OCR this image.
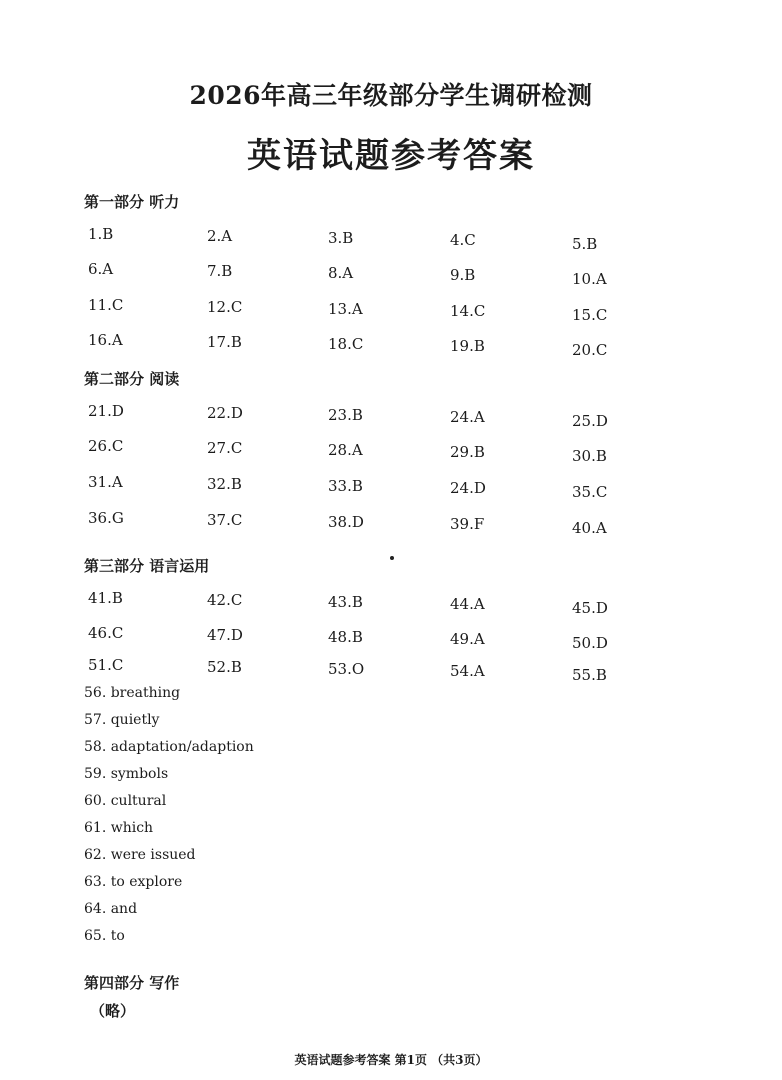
2026年高三年级部分学生调研检测
英语试题参考答案
第一部分 听力
1.B	2.A	3.B	4.C	5.B
6.A	7.B	8.A	9.B	10.A
11.C	12.C	13.A	14.C	15.C
16.A	17.B	18.C	19.B	20.C
第二部分 阅读
21.D	22.D	23.B	24.A	25.D
26.C	27.C	28.A	29.B	30.B
31.A	32.B	33.B	24.D	35.C
36.G	37.C	38.D	39.F	40.A
第三部分 语言运用
41.B	42.C	43.B	44.A	45.D
46.C	47.D	48.B	49.A	50.D
51.C	52.B	53.O	54.A	55.B
56. breathing
57. quietly
58. adaptation/adaption
59. symbols
60. cultural
61. which
62. were issued
63. to explore
64. and
65. to
第四部分 写作
（略）
英语试题参考答案 第1页 （共3页）
